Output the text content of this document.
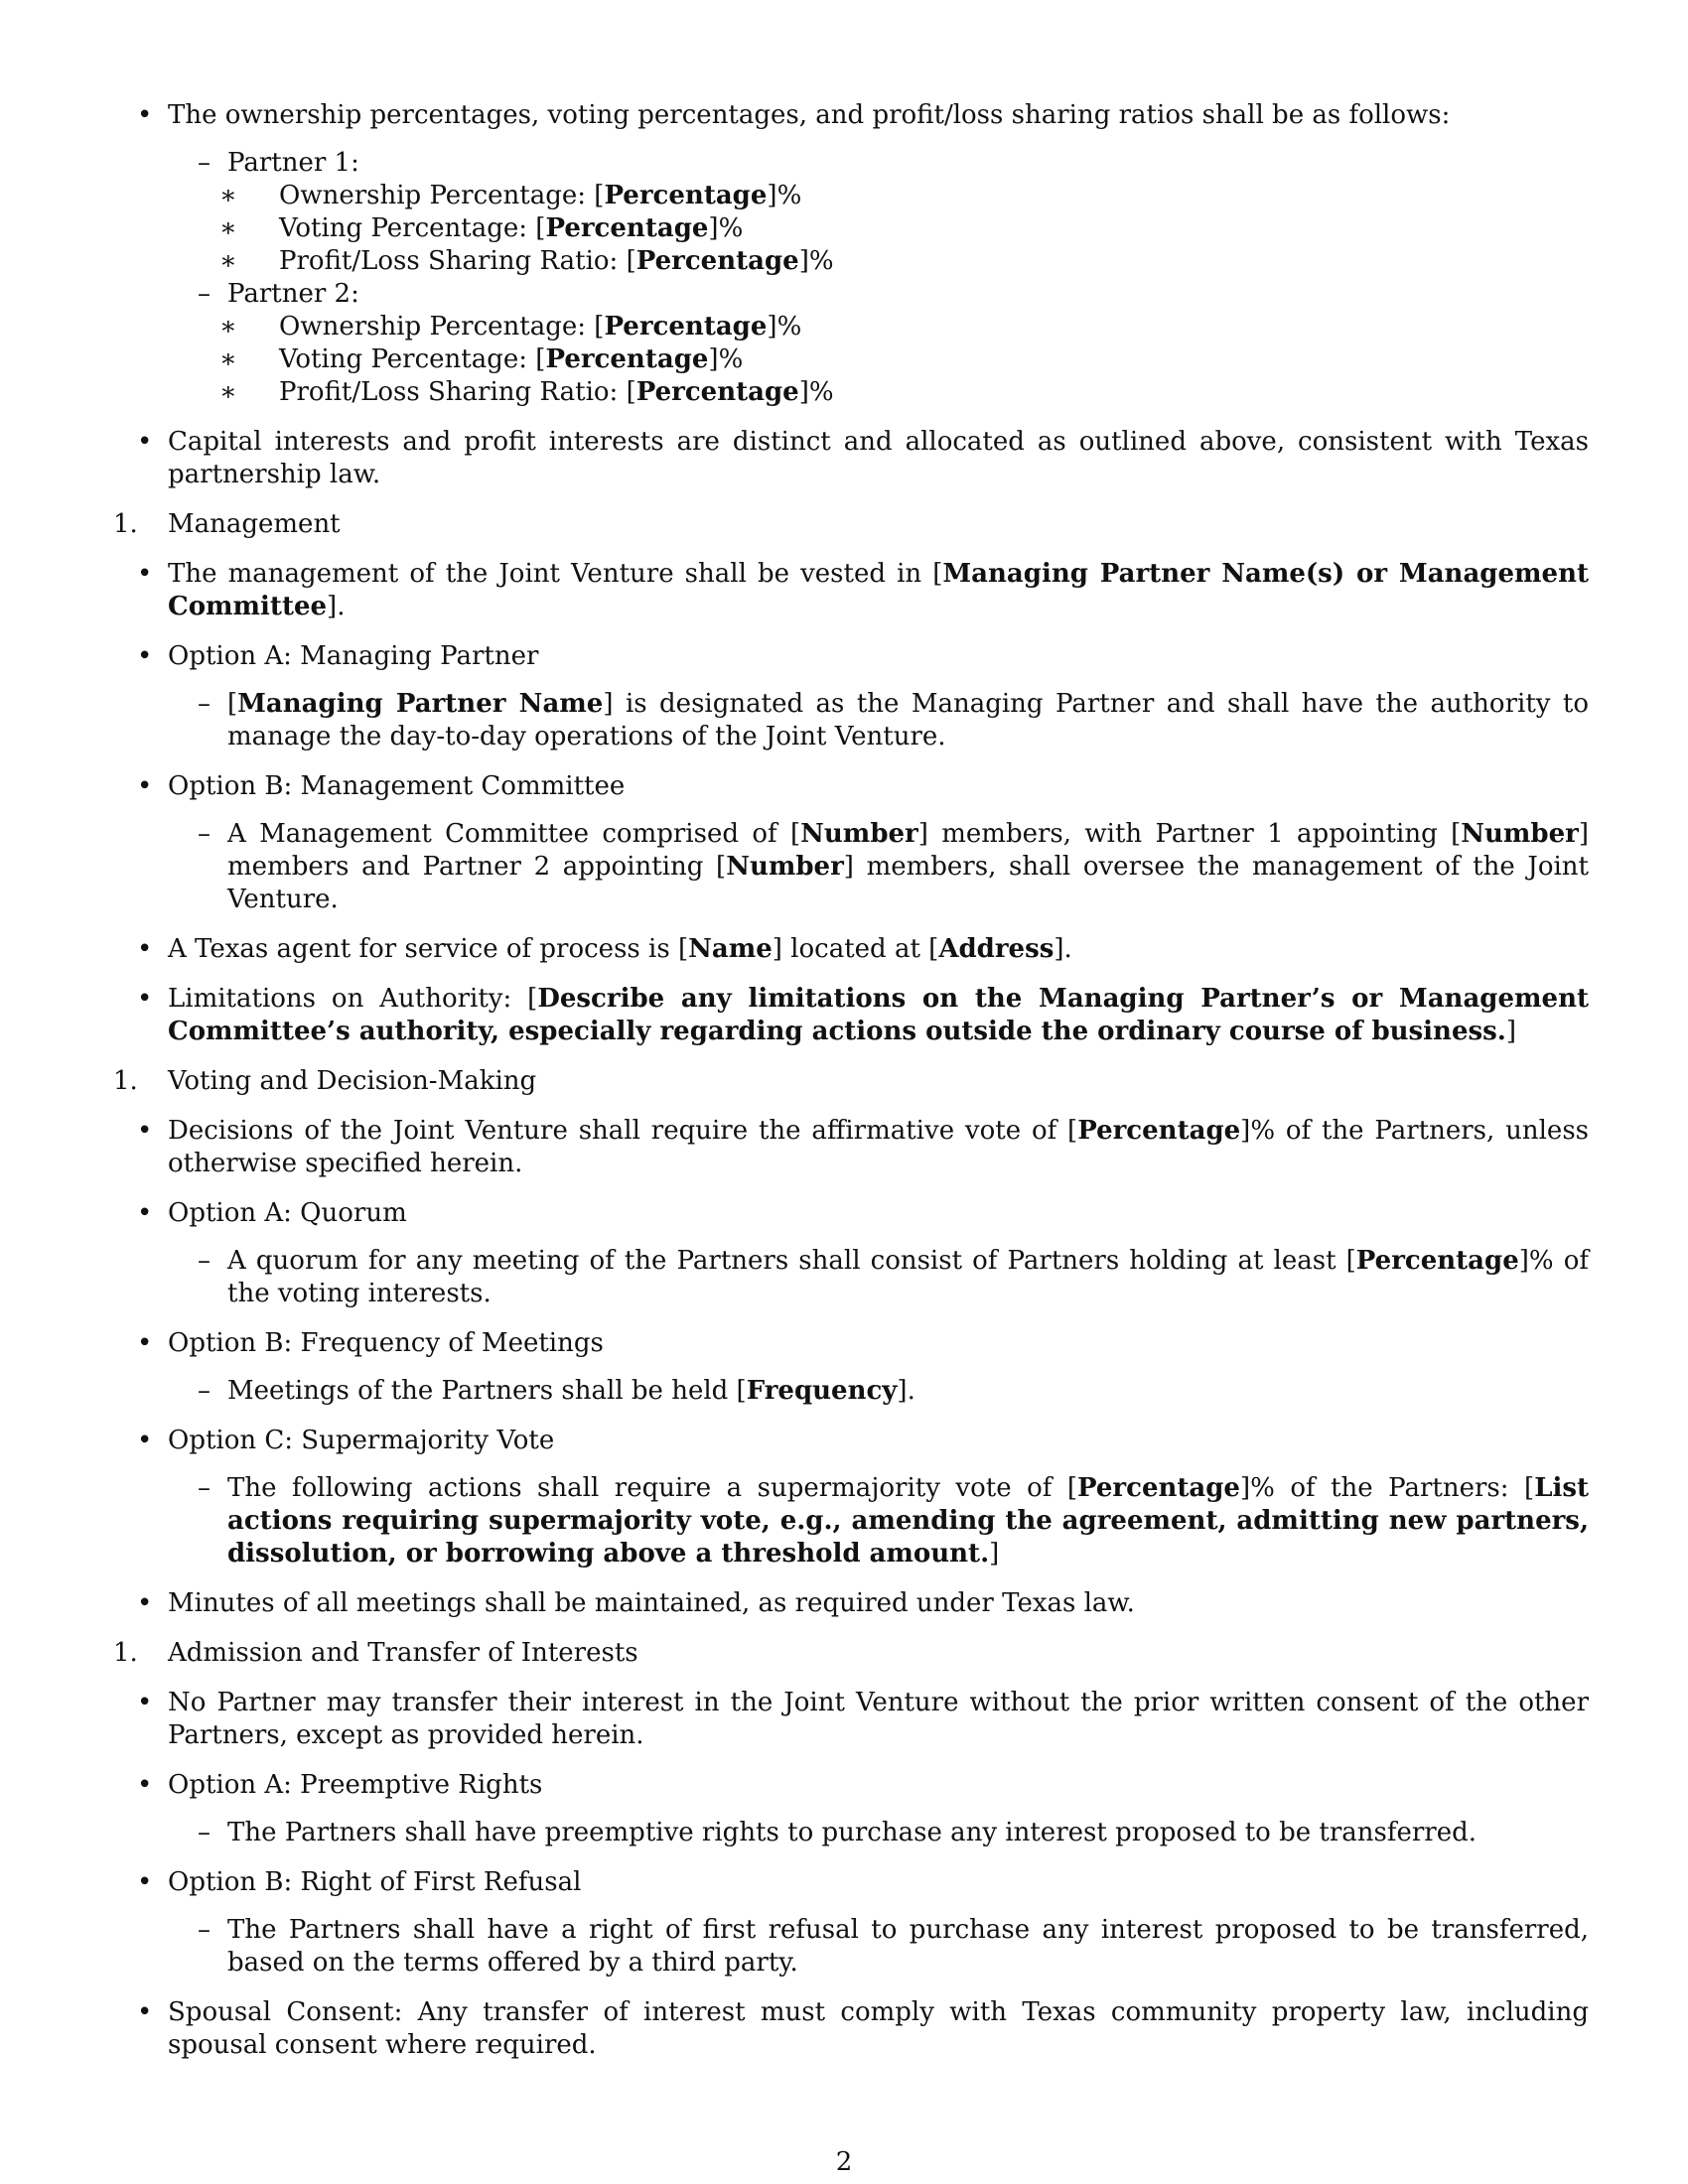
• The ownership percentages, voting percentages, and profit/loss sharing ratios shall be as follows:
– Partner 1:
∗	Ownership Percentage: [Percentage]%
∗	Voting Percentage: [Percentage]%
∗	Profit/Loss Sharing Ratio: [Percentage]%
– Partner 2:
∗	Ownership Percentage: [Percentage]%
∗	Voting Percentage: [Percentage]%
∗	Profit/Loss Sharing Ratio: [Percentage]%
• Capital interests and profit interests are distinct and allocated as outlined above, consistent with Texas partnership law.
1.	Management
• The management of the Joint Venture shall be vested in [Managing Partner Name(s) or Management Committee].
• Option A: Managing Partner
– [Managing Partner Name] is designated as the Managing Partner and shall have the authority to manage the day-to-day operations of the Joint Venture.
• Option B: Management Committee
– A Management Committee comprised of [Number] members, with Partner 1 appointing [Number] members and Partner 2 appointing [Number] members, shall oversee the management of the Joint Venture.
• A Texas agent for service of process is [Name] located at [Address].
• Limitations on Authority: [Describe any limitations on the Managing Partner’s or Management Committee’s authority, especially regarding actions outside the ordinary course of business.]
1.	Voting and Decision-Making
• Decisions of the Joint Venture shall require the affirmative vote of [Percentage]% of the Partners, unless otherwise specified herein.
• Option A: Quorum
– A quorum for any meeting of the Partners shall consist of Partners holding at least [Percentage]% of the voting interests.
• Option B: Frequency of Meetings
– Meetings of the Partners shall be held [Frequency].
• Option C: Supermajority Vote
– The following actions shall require a supermajority vote of [Percentage]% of the Partners: [List actions requiring supermajority vote, e.g., amending the agreement, admitting new partners, dissolution, or borrowing above a threshold amount.]
• Minutes of all meetings shall be maintained, as required under Texas law.
1.	Admission and Transfer of Interests
• No Partner may transfer their interest in the Joint Venture without the prior written consent of the other Partners, except as provided herein.
• Option A: Preemptive Rights
– The Partners shall have preemptive rights to purchase any interest proposed to be transferred.
• Option B: Right of First Refusal
– The Partners shall have a right of first refusal to purchase any interest proposed to be transferred, based on the terms offered by a third party.
• Spousal Consent: Any transfer of interest must comply with Texas community property law, including spousal consent where required.
2
